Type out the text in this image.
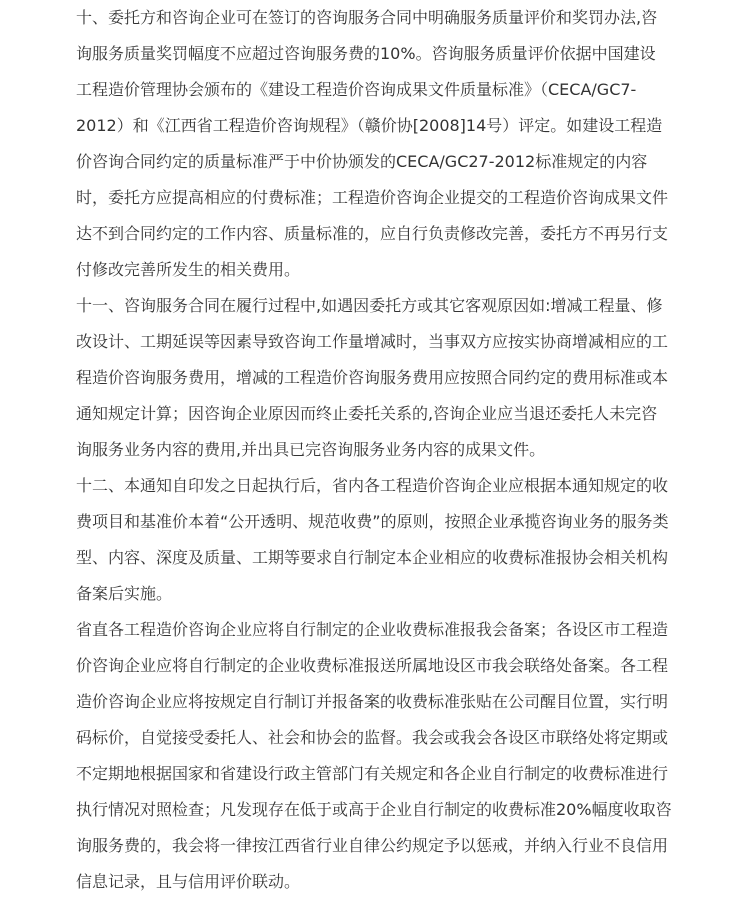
十、委托方和咨询企业可在签订的咨询服务合同中明确服务质量评价和奖罚办法,咨
询服务质量奖罚幅度不应超过咨询服务费的10%。咨询服务质量评价依据中国建设
工程造价管理协会颁布的《建设工程造价咨询成果文件质量标准》（CECA/GC7-
2012）和《江西省工程造价咨询规程》（赣价协[2008]14号）评定。如建设工程造
价咨询合同约定的质量标准严于中价协颁发的CECA/GC27-2012标准规定的内容
时，委托方应提高相应的付费标准；工程造价咨询企业提交的工程造价咨询成果文件
达不到合同约定的工作内容、质量标准的，应自行负责修改完善，委托方不再另行支
付修改完善所发生的相关费用。
十一、咨询服务合同在履行过程中,如遇因委托方或其它客观原因如:增减工程量、修
改设计、工期延误等因素导致咨询工作量增减时，当事双方应按实协商增减相应的工
程造价咨询服务费用，增减的工程造价咨询服务费用应按照合同约定的费用标准或本
通知规定计算；因咨询企业原因而终止委托关系的,咨询企业应当退还委托人未完咨
询服务业务内容的费用,并出具已完咨询服务业务内容的成果文件。
十二、本通知自印发之日起执行后，省内各工程造价咨询企业应根据本通知规定的收
费项目和基准价本着“公开透明、规范收费”的原则，按照企业承揽咨询业务的服务类
型、内容、深度及质量、工期等要求自行制定本企业相应的收费标准报协会相关机构
备案后实施。
省直各工程造价咨询企业应将自行制定的企业收费标准报我会备案；各设区市工程造
价咨询企业应将自行制定的企业收费标准报送所属地设区市我会联络处备案。各工程
造价咨询企业应将按规定自行制订并报备案的收费标准张贴在公司醒目位置，实行明
码标价，自觉接受委托人、社会和协会的监督。我会或我会各设区市联络处将定期或
不定期地根据国家和省建设行政主管部门有关规定和各企业自行制定的收费标准进行
执行情况对照检查；凡发现存在低于或高于企业自行制定的收费标准20%幅度收取咨
询服务费的，我会将一律按江西省行业自律公约规定予以惩戒，并纳入行业不良信用
信息记录，且与信用评价联动。
